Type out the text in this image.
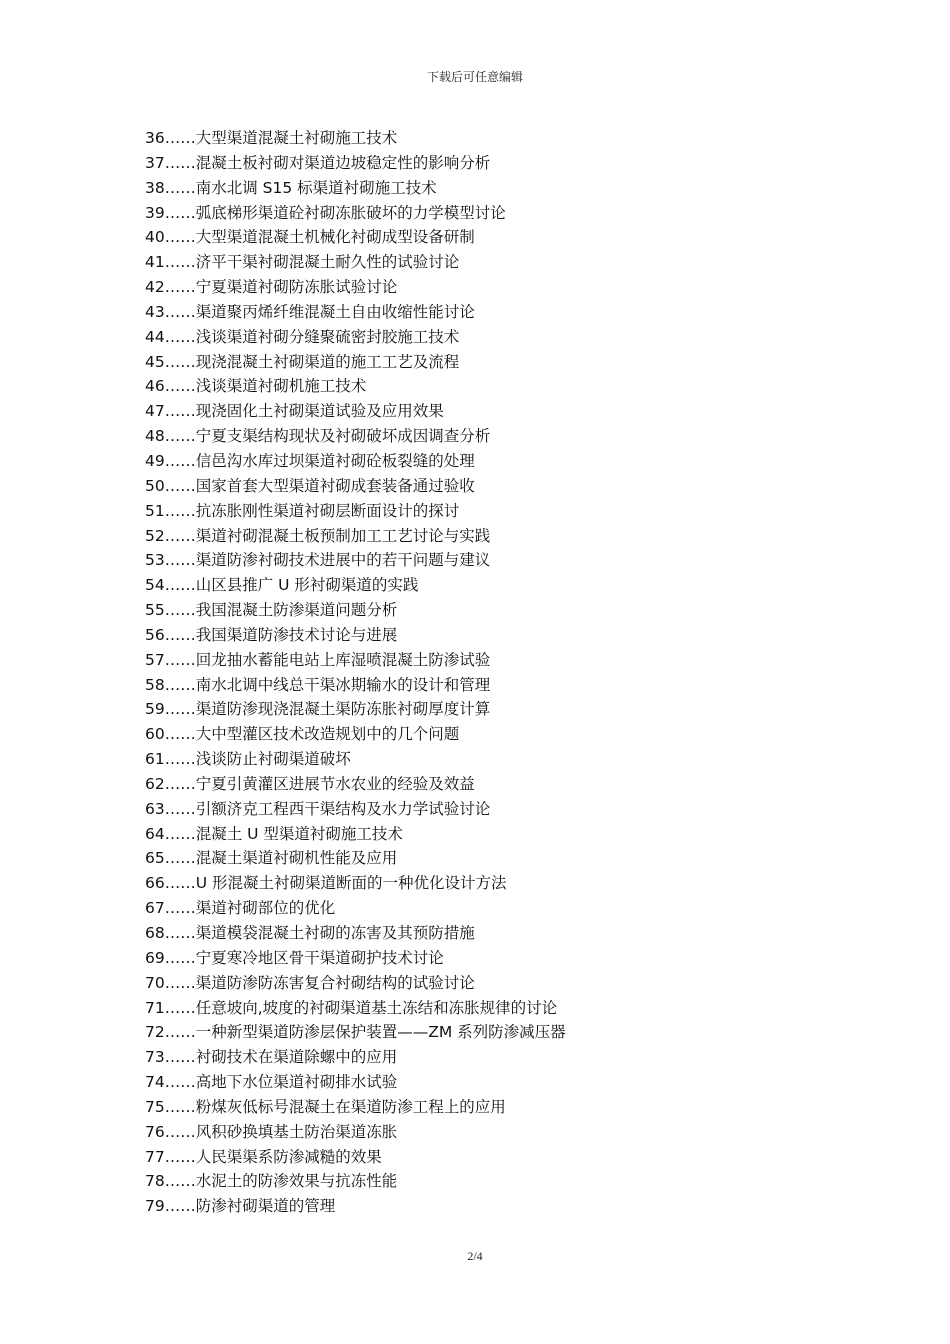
下载后可任意编辑
36……大型渠道混凝土衬砌施工技术
37……混凝土板衬砌对渠道边坡稳定性的影响分析
38……南水北调 S15 标渠道衬砌施工技术
39……弧底梯形渠道砼衬砌冻胀破坏的力学模型讨论
40……大型渠道混凝土机械化衬砌成型设备研制
41……济平干渠衬砌混凝土耐久性的试验讨论
42……宁夏渠道衬砌防冻胀试验讨论
43……渠道聚丙烯纤维混凝土自由收缩性能讨论
44……浅谈渠道衬砌分缝聚硫密封胶施工技术
45……现浇混凝土衬砌渠道的施工工艺及流程
46……浅谈渠道衬砌机施工技术
47……现浇固化土衬砌渠道试验及应用效果
48……宁夏支渠结构现状及衬砌破坏成因调查分析
49……信邑沟水库过坝渠道衬砌砼板裂缝的处理
50……国家首套大型渠道衬砌成套装备通过验收
51……抗冻胀刚性渠道衬砌层断面设计的探讨
52……渠道衬砌混凝土板预制加工工艺讨论与实践
53……渠道防渗衬砌技术进展中的若干问题与建议
54……山区县推广 U 形衬砌渠道的实践
55……我国混凝土防渗渠道问题分析
56……我国渠道防渗技术讨论与进展
57……回龙抽水蓄能电站上库湿喷混凝土防渗试验
58……南水北调中线总干渠冰期输水的设计和管理
59……渠道防渗现浇混凝土渠防冻胀衬砌厚度计算
60……大中型灌区技术改造规划中的几个问题
61……浅谈防止衬砌渠道破坏
62……宁夏引黄灌区进展节水农业的经验及效益
63……引额济克工程西干渠结构及水力学试验讨论
64……混凝土 U 型渠道衬砌施工技术
65……混凝土渠道衬砌机性能及应用
66……U 形混凝土衬砌渠道断面的一种优化设计方法
67……渠道衬砌部位的优化
68……渠道模袋混凝土衬砌的冻害及其预防措施
69……宁夏寒冷地区骨干渠道砌护技术讨论
70……渠道防渗防冻害复合衬砌结构的试验讨论
71……任意坡向,坡度的衬砌渠道基土冻结和冻胀规律的讨论
72……一种新型渠道防渗层保护装置——ZM 系列防渗减压器
73……衬砌技术在渠道除螺中的应用
74……高地下水位渠道衬砌排水试验
75……粉煤灰低标号混凝土在渠道防渗工程上的应用
76……风积砂换填基土防治渠道冻胀
77……人民渠渠系防渗减糙的效果
78……水泥土的防渗效果与抗冻性能
79……防渗衬砌渠道的管理
2/4
